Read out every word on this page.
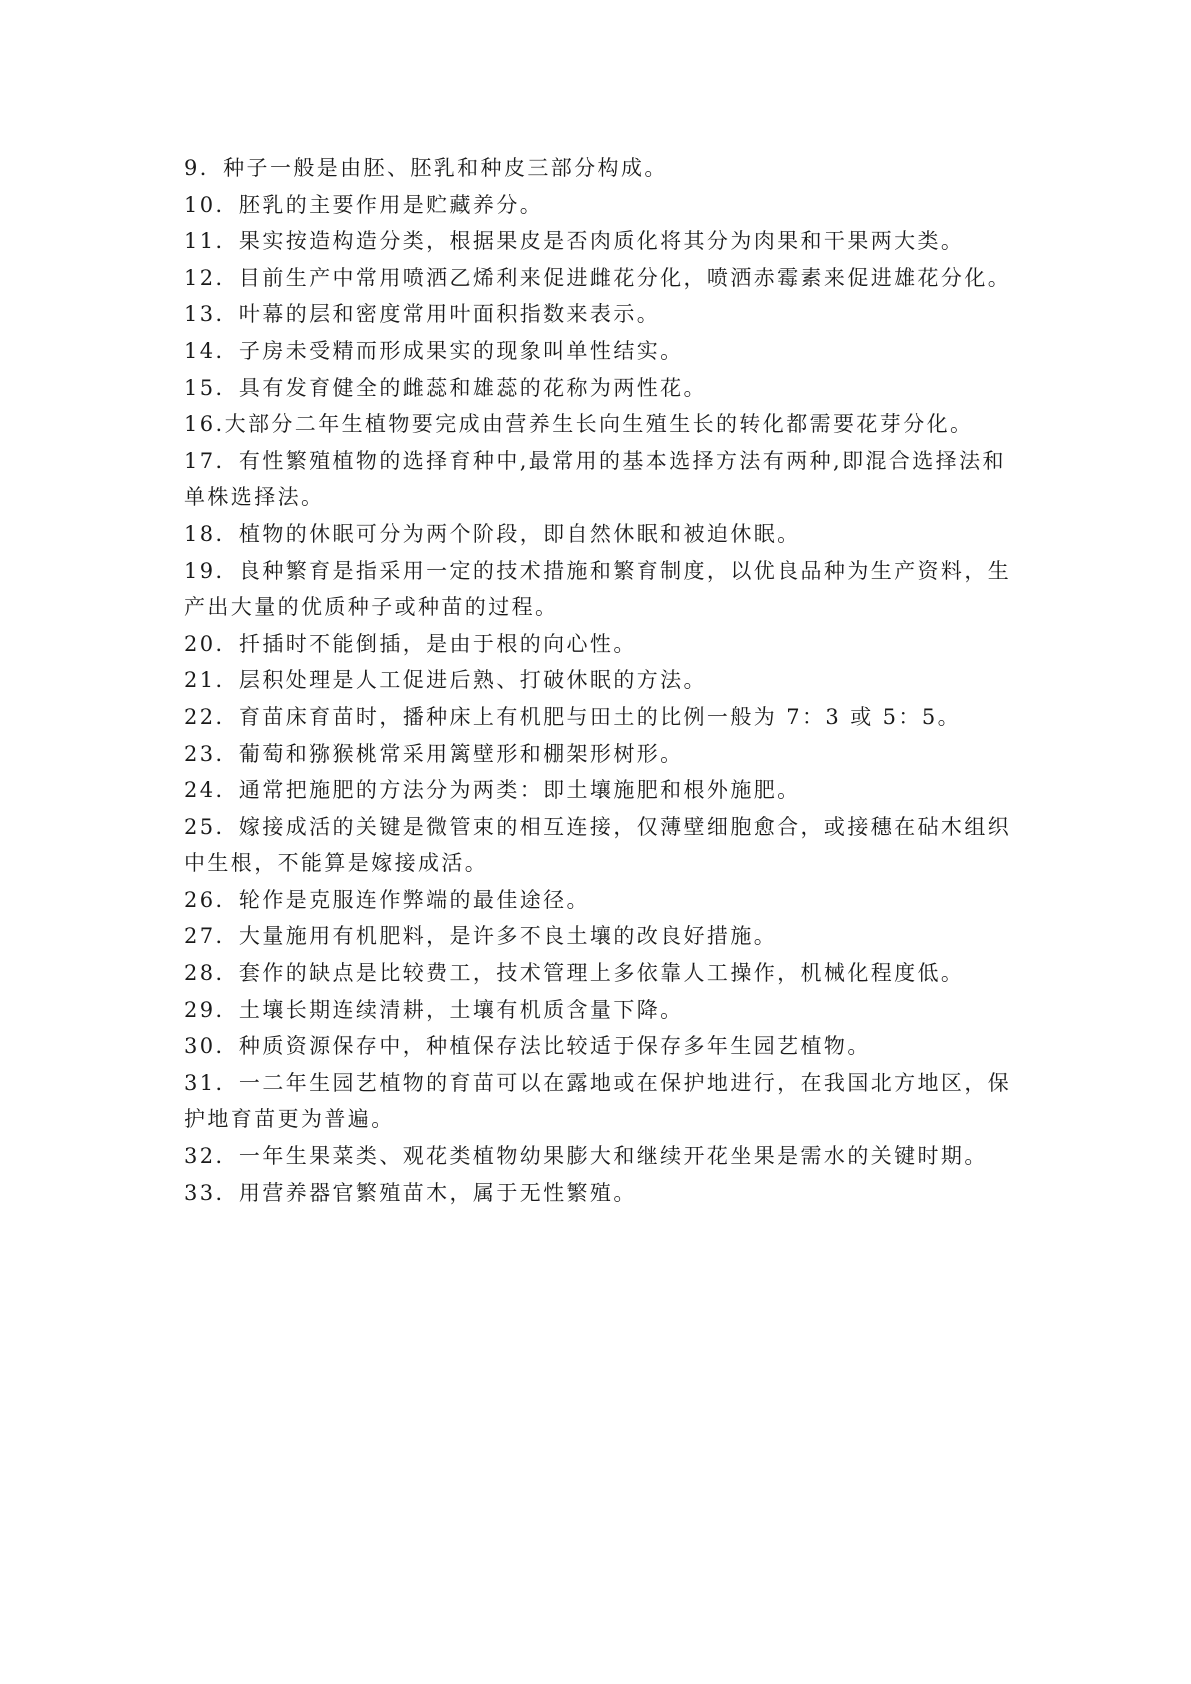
9．种子一般是由胚、胚乳和种皮三部分构成。

10．胚乳的主要作用是贮藏养分。

11．果实按造构造分类，根据果皮是否肉质化将其分为肉果和干果两大类。

12．目前生产中常用喷洒乙烯利来促进雌花分化，喷洒赤霉素来促进雄花分化。

13．叶幕的层和密度常用叶面积指数来表示。

14．子房未受精而形成果实的现象叫单性结实。

15．具有发育健全的雌蕊和雄蕊的花称为两性花。

16.大部分二年生植物要完成由营养生长向生殖生长的转化都需要花芽分化。

17．有性繁殖植物的选择育种中,最常用的基本选择方法有两种,即混合选择法和
单株选择法。

18．植物的休眠可分为两个阶段，即自然休眠和被迫休眠。

19．良种繁育是指采用一定的技术措施和繁育制度，以优良品种为生产资料，生
产出大量的优质种子或种苗的过程。

20．扦插时不能倒插，是由于根的向心性。

21．层积处理是人工促进后熟、打破休眠的方法。

22．育苗床育苗时，播种床上有机肥与田土的比例一般为 7：3 或 5：5。

23．葡萄和猕猴桃常采用篱壁形和棚架形树形。

24．通常把施肥的方法分为两类：即土壤施肥和根外施肥。

25．嫁接成活的关键是微管束的相互连接，仅薄壁细胞愈合，或接穗在砧木组织
中生根，不能算是嫁接成活。

26．轮作是克服连作弊端的最佳途径。

27．大量施用有机肥料，是许多不良土壤的改良好措施。

28．套作的缺点是比较费工，技术管理上多依靠人工操作，机械化程度低。

29．土壤长期连续清耕，土壤有机质含量下降。

30．种质资源保存中，种植保存法比较适于保存多年生园艺植物。

31．一二年生园艺植物的育苗可以在露地或在保护地进行，在我国北方地区，保
护地育苗更为普遍。

32．一年生果菜类、观花类植物幼果膨大和继续开花坐果是需水的关键时期。

33．用营养器官繁殖苗木，属于无性繁殖。
